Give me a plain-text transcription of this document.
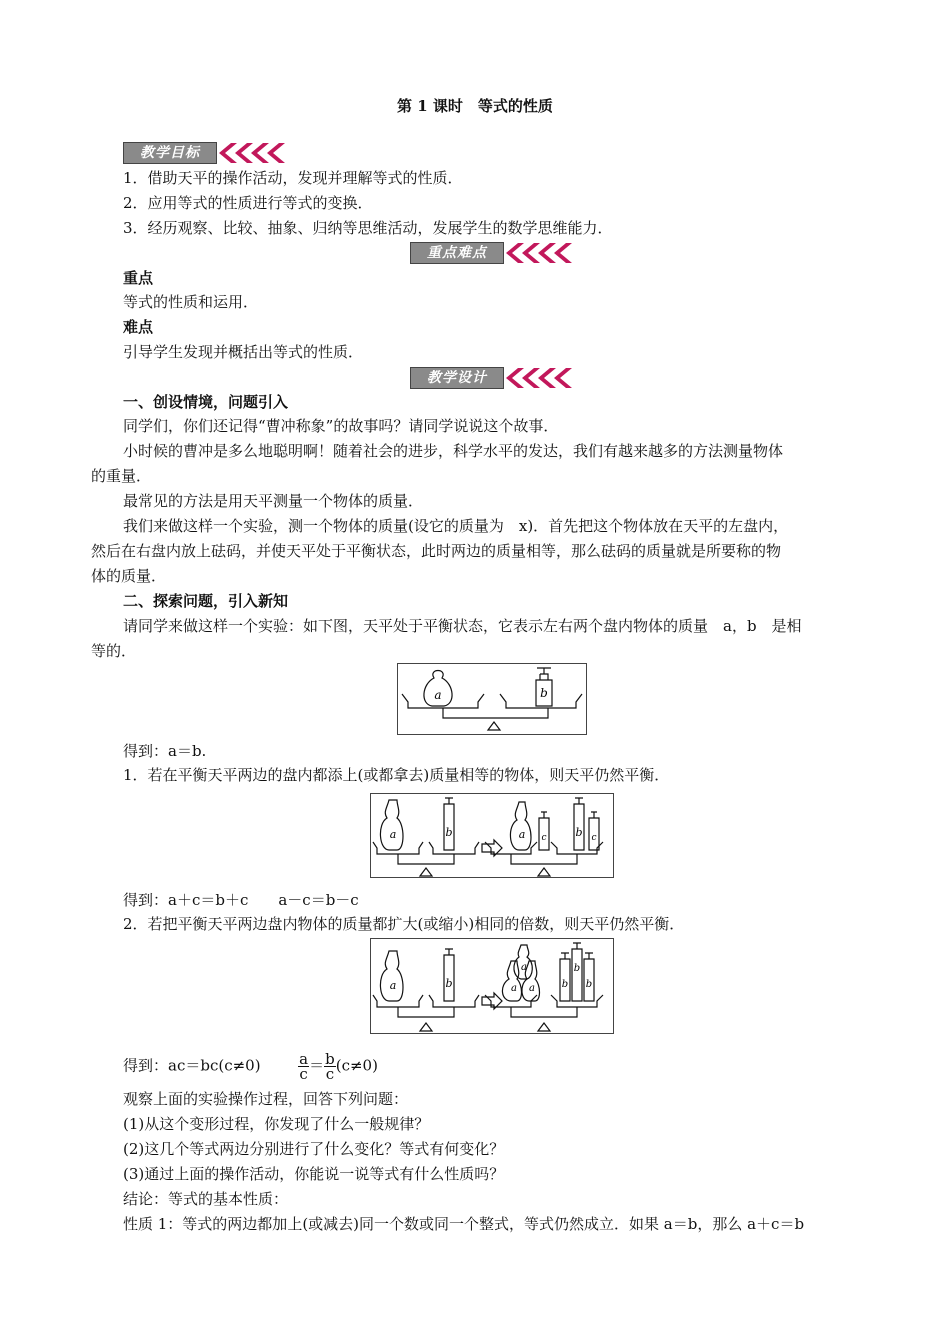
第 1 课时　等式的性质
教学目标
1．借助天平的操作活动，发现并理解等式的性质．
2．应用等式的性质进行等式的变换．
3．经历观察、比较、抽象、归纳等思维活动，发展学生的数学思维能力．
重点难点
重点
等式的性质和运用．
难点
引导学生发现并概括出等式的性质．
教学设计
一、创设情境，问题引入
同学们，你们还记得“曹冲称象”的故事吗？请同学说说这个故事．
小时候的曹冲是多么地聪明啊！随着社会的进步，科学水平的发达，我们有越来越多的方法测量物体
的重量．
最常见的方法是用天平测量一个物体的质量．
我们来做这样一个实验，测一个物体的质量(设它的质量为　x)．首先把这个物体放在天平的左盘内，
然后在右盘内放上砝码，并使天平处于平衡状态，此时两边的质量相等，那么砝码的质量就是所要称的物
体的质量．
二、探索问题，引入新知
请同学来做这样一个实验：如下图，天平处于平衡状态，它表示左右两个盘内物体的质量　a，b　是相
等的．
a	b
得到：a＝b.
1．若在平衡天平两边的盘内都添上(或都拿去)质量相等的物体，则天平仍然平衡．
a	b	a c	b c
得到：a＋c＝b＋c　　a－c＝b－c
2．若把平衡天平两边盘内物体的质量都扩大(或缩小)相同的倍数，则天平仍然平衡．
a	b
a
a a
b
b b
得到：ac＝bc(c≠0)	$\frac{a}{c} = \frac{b}{c} (c\ne 0)$
观察上面的实验操作过程，回答下列问题：
(1)从这个变形过程，你发现了什么一般规律？
(2)这几个等式两边分别进行了什么变化？等式有何变化？
(3)通过上面的操作活动，你能说一说等式有什么性质吗？
结论：等式的基本性质：
性质 1：等式的两边都加上(或减去)同一个数或同一个整式，等式仍然成立．如果 a＝b，那么 a＋c＝b
